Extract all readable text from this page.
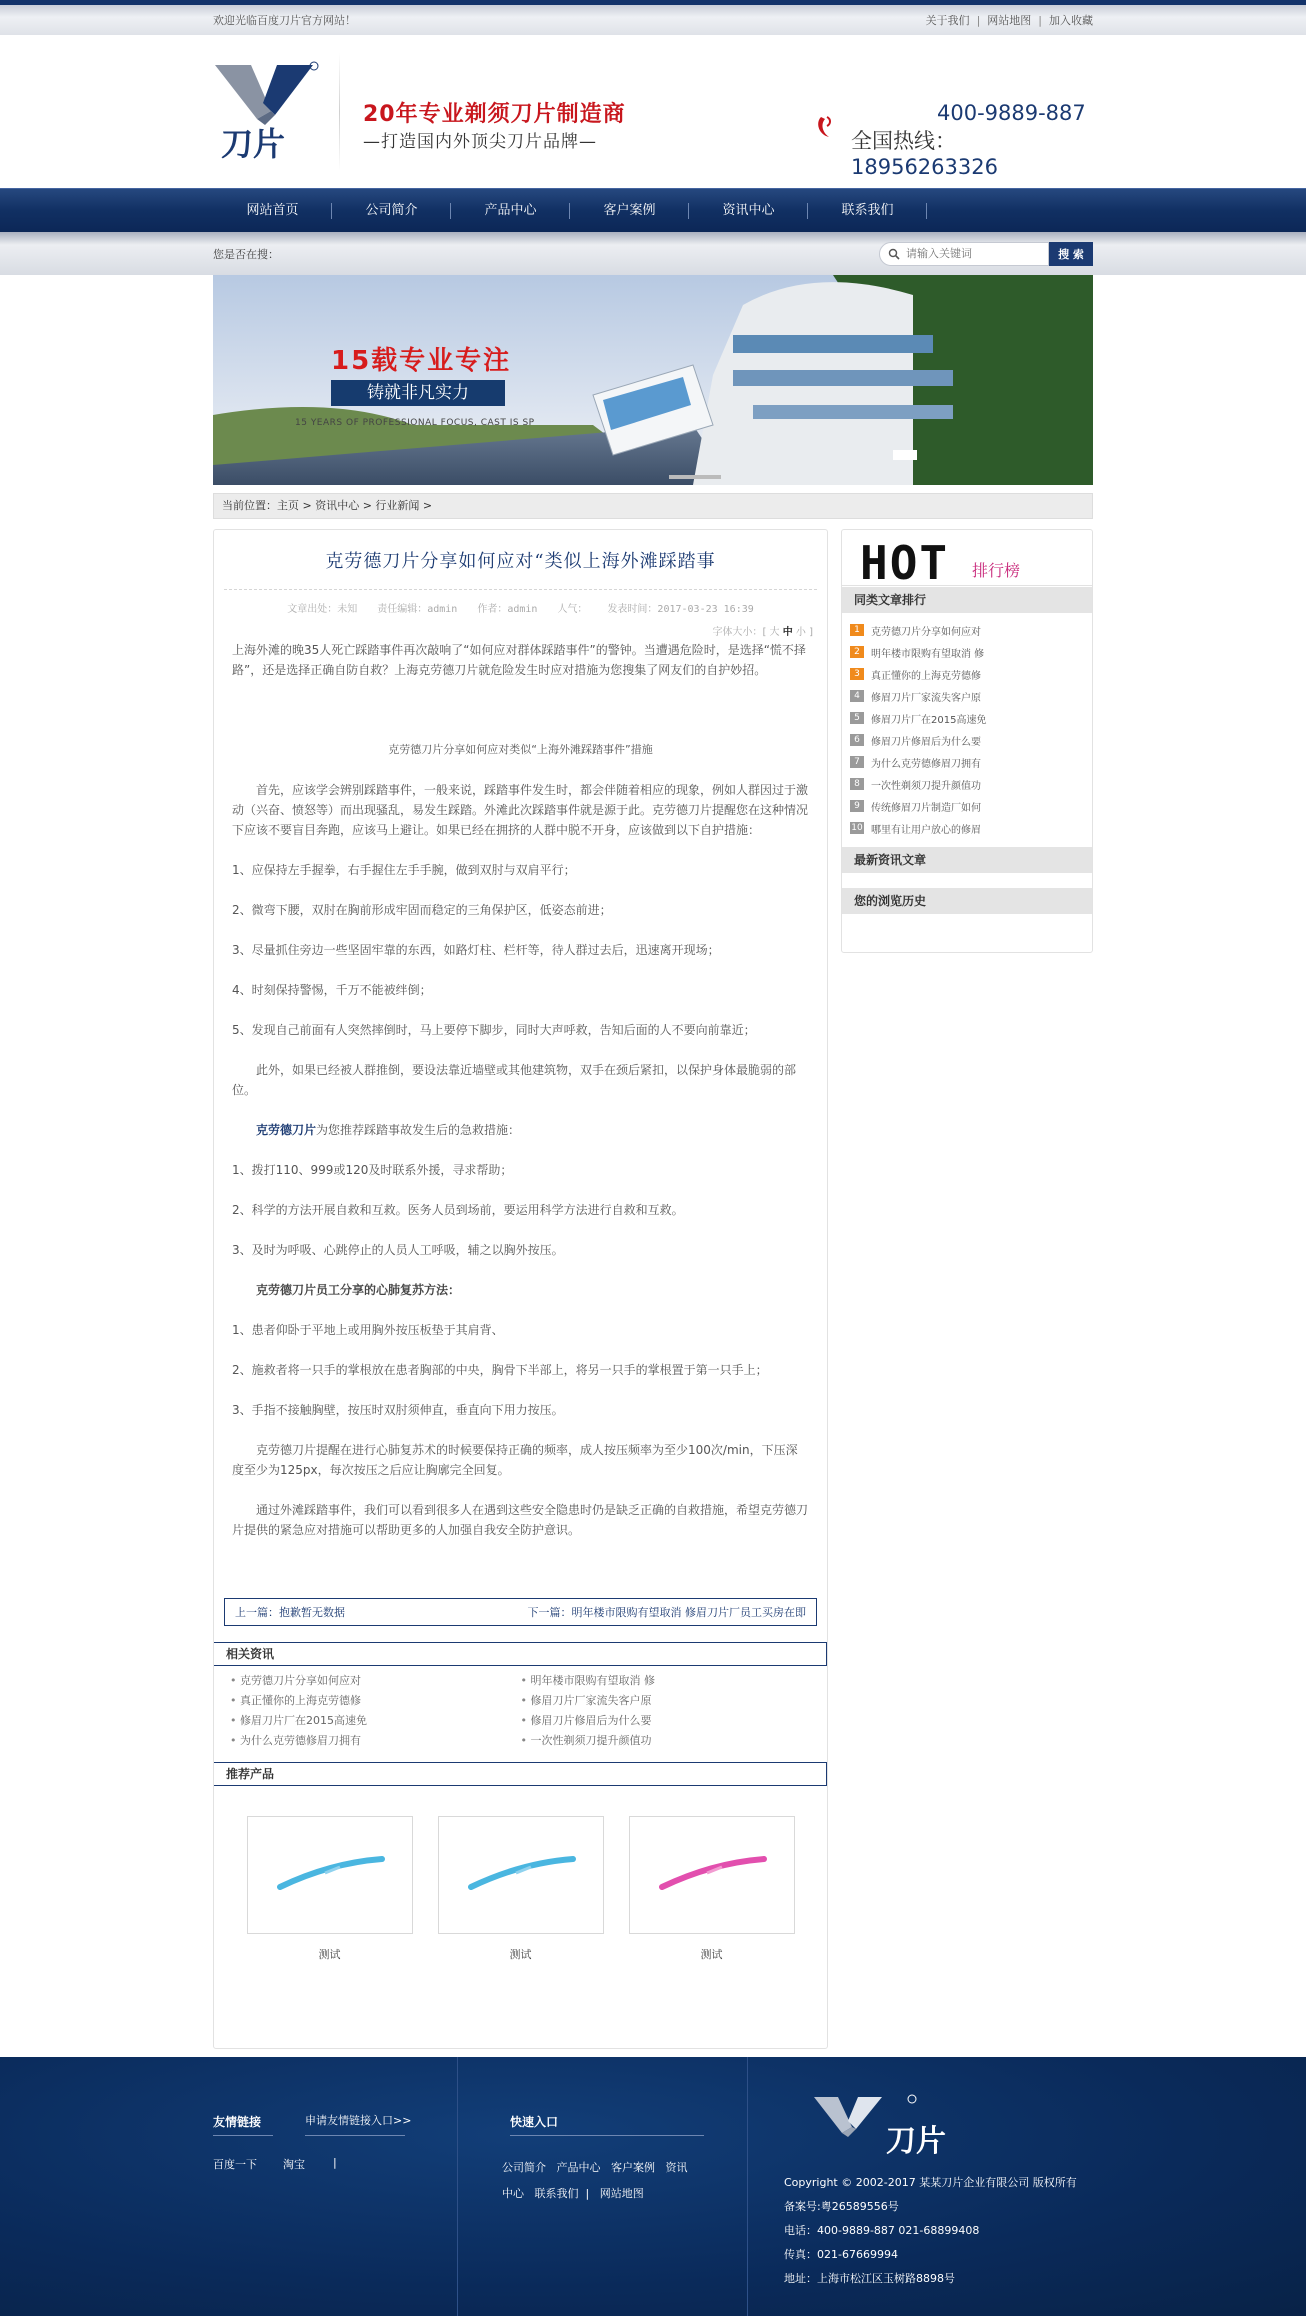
欢迎光临百度刀片官方网站！	关于我们 | 网站地图 | 加入收藏
刀片
20年专业剃须刀片制造商
—打造国内外顶尖刀片品牌—
400-9889-887
全国热线：18956263326
网站首页	公司简介	产品中心	客户案例	资讯中心	联系我们
您是否在搜：
请输入关键词	搜 索
15载专业专注
铸就非凡实力
15 YEARS OF PROFESSIONAL FOCUS, CAST IS SP
当前位置：主页 > 资讯中心 > 行业新闻 >
克劳德刀片分享如何应对“类似上海外滩踩踏事
文章出处：未知 责任编辑：admin 作者：admin 人气： 发表时间：2017-03-23 16:39
字体大小：[ 大 中 小 ]

上海外滩的晚35人死亡踩踏事件再次敲响了“如何应对群体踩踏事件”的警钟。当遭遇危险时，是选择“慌不择路”，还是选择正确自防自救？上海克劳德刀片就危险发生时应对措施为您搜集了网友们的自护妙招。

克劳德刀片分享如何应对类似“上海外滩踩踏事件”措施

首先，应该学会辨别踩踏事件，一般来说，踩踏事件发生时，都会伴随着相应的现象，例如人群因过于激动（兴奋、愤怒等）而出现骚乱，易发生踩踏。外滩此次踩踏事件就是源于此。克劳德刀片提醒您在这种情况下应该不要盲目奔跑，应该马上避让。如果已经在拥挤的人群中脱不开身，应该做到以下自护措施：

1、应保持左手握拳，右手握住左手手腕，做到双肘与双肩平行；

2、微弯下腰，双肘在胸前形成牢固而稳定的三角保护区，低姿态前进；

3、尽量抓住旁边一些坚固牢靠的东西，如路灯柱、栏杆等，待人群过去后，迅速离开现场；

4、时刻保持警惕，千万不能被绊倒；

5、发现自己前面有人突然摔倒时，马上要停下脚步，同时大声呼救，告知后面的人不要向前靠近；

此外，如果已经被人群推倒，要设法靠近墙壁或其他建筑物，双手在颈后紧扣，以保护身体最脆弱的部位。

克劳德刀片为您推荐踩踏事故发生后的急救措施：

1、拨打110、999或120及时联系外援，寻求帮助；

2、科学的方法开展自救和互救。医务人员到场前，要运用科学方法进行自救和互救。

3、及时为呼吸、心跳停止的人员人工呼吸，辅之以胸外按压。

克劳德刀片员工分享的心肺复苏方法：

1、患者仰卧于平地上或用胸外按压板垫于其肩背、

2、施救者将一只手的掌根放在患者胸部的中央，胸骨下半部上，将另一只手的掌根置于第一只手上；

3、手指不接触胸壁，按压时双肘须伸直，垂直向下用力按压。

克劳德刀片提醒在进行心肺复苏术的时候要保持正确的频率，成人按压频率为至少100次/min，下压深度至少为125px，每次按压之后应让胸廓完全回复。

通过外滩踩踏事件，我们可以看到很多人在遇到这些安全隐患时仍是缺乏正确的自救措施，希望克劳德刀片提供的紧急应对措施可以帮助更多的人加强自我安全防护意识。

上一篇：抱歉暂无数据	下一篇：明年楼市限购有望取消 修眉刀片厂员工买房在即
相关资讯
• 克劳德刀片分享如何应对	• 明年楼市限购有望取消 修
• 真正懂你的上海克劳德修	• 修眉刀片厂家流失客户原
• 修眉刀片厂在2015高速免	• 修眉刀片修眉后为什么要
• 为什么克劳德修眉刀拥有	• 一次性剃须刀提升颜值功
推荐产品
测试	测试	测试
HOT 排行榜
同类文章排行
1	克劳德刀片分享如何应对
2	明年楼市限购有望取消 修
3	真正懂你的上海克劳德修
4	修眉刀片厂家流失客户原
5	修眉刀片厂在2015高速免
6	修眉刀片修眉后为什么要
7	为什么克劳德修眉刀拥有
8	一次性剃须刀提升颜值功
9	传统修眉刀片制造厂如何
10 哪里有让用户放心的修眉
最新资讯文章
您的浏览历史
友情链接	申请友情链接入口>>
百度一下 淘宝	|
快速入口
公司简介 产品中心 客户案例 资讯
中心 联系我们  |   网站地图
刀片
Copyright © 2002-2017 某某刀片企业有限公司 版权所有
备案号:粤26589556号
电话：400-9889-887 021-68899408
传真：021-67669994
地址：上海市松江区玉树路8898号
